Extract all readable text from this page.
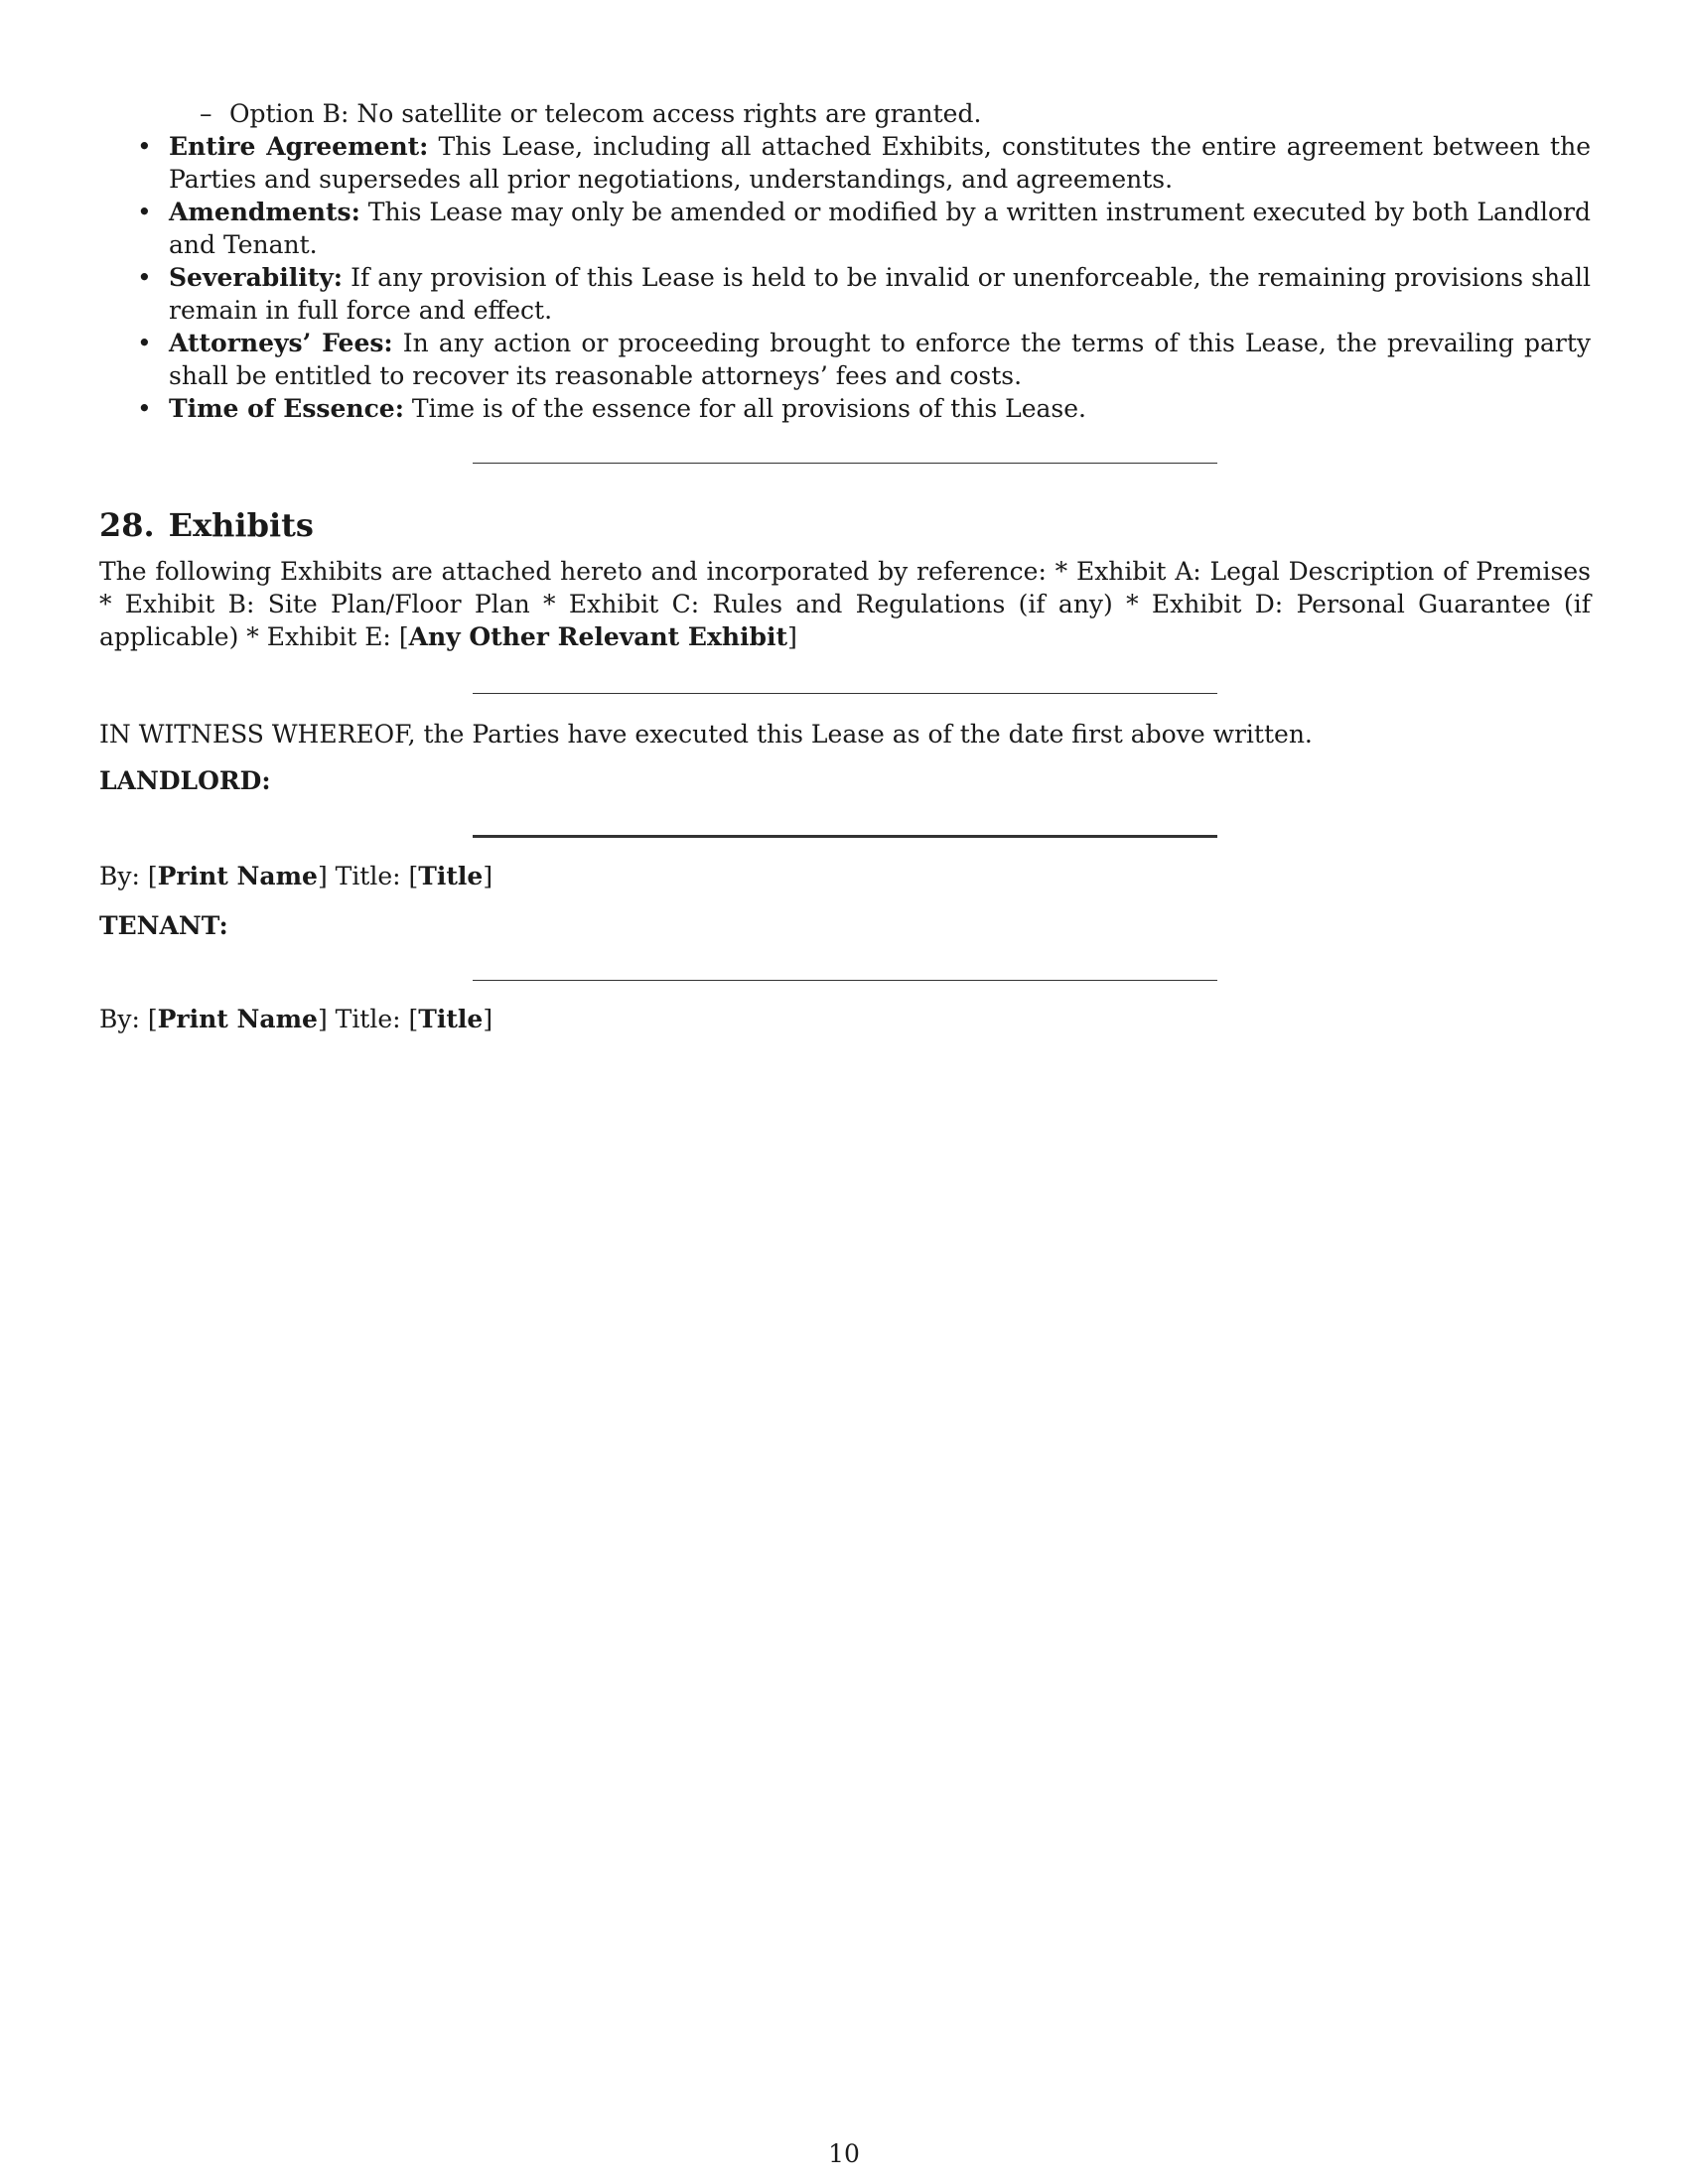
– Option B: No satellite or telecom access rights are granted.
• Entire Agreement: This Lease, including all attached Exhibits, constitutes the entire agreement between the Parties and supersedes all prior negotiations, understandings, and agreements.
• Amendments: This Lease may only be amended or modified by a written instrument executed by both Landlord and Tenant.
• Severability: If any provision of this Lease is held to be invalid or unenforceable, the remaining provisions shall remain in full force and effect.
• Attorneys’ Fees: In any action or proceeding brought to enforce the terms of this Lease, the prevailing party shall be entitled to recover its reasonable attorneys’ fees and costs.
• Time of Essence: Time is of the essence for all provisions of this Lease.
28. Exhibits

The following Exhibits are attached hereto and incorporated by reference: * Exhibit A: Legal Description of Premises * Exhibit B: Site Plan/Floor Plan * Exhibit C: Rules and Regulations (if any) * Exhibit D: Personal Guarantee (if applicable) * Exhibit E: [Any Other Relevant Exhibit]

IN WITNESS WHEREOF, the Parties have executed this Lease as of the date first above written.

LANDLORD:

By: [Print Name] Title: [Title]

TENANT:

By: [Print Name] Title: [Title]

10
